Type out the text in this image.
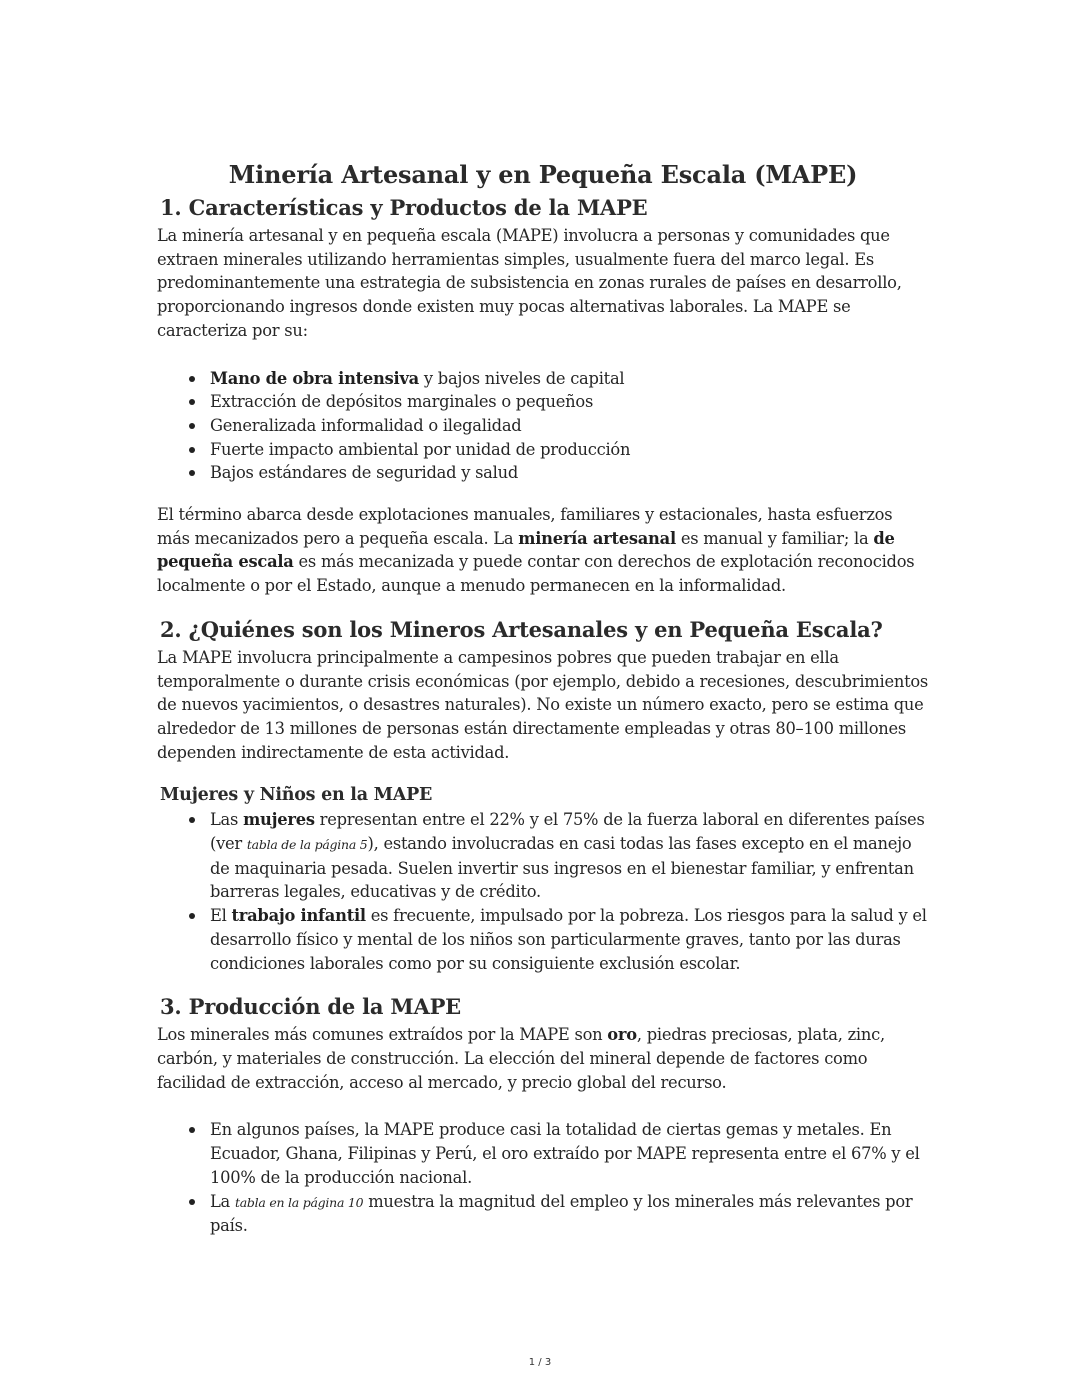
Minería Artesanal y en Pequeña Escala (MAPE)
1. Características y Productos de la MAPE

La minería artesanal y en pequeña escala (MAPE) involucra a personas y comunidades que extraen minerales utilizando herramientas simples, usualmente fuera del marco legal. Es predominantemente una estrategia de subsistencia en zonas rurales de países en desarrollo, proporcionando ingresos donde existen muy pocas alternativas laborales. La MAPE se caracteriza por su:

Mano de obra intensiva y bajos niveles de capital
Extracción de depósitos marginales o pequeños
Generalizada informalidad o ilegalidad
Fuerte impacto ambiental por unidad de producción
Bajos estándares de seguridad y salud

El término abarca desde explotaciones manuales, familiares y estacionales, hasta esfuerzos más mecanizados pero a pequeña escala. La minería artesanal es manual y familiar; la de pequeña escala es más mecanizada y puede contar con derechos de explotación reconocidos localmente o por el Estado, aunque a menudo permanecen en la informalidad.

2. ¿Quiénes son los Mineros Artesanales y en Pequeña Escala?

La MAPE involucra principalmente a campesinos pobres que pueden trabajar en ella temporalmente o durante crisis económicas (por ejemplo, debido a recesiones, descubrimientos de nuevos yacimientos, o desastres naturales). No existe un número exacto, pero se estima que alrededor de 13 millones de personas están directamente empleadas y otras 80–100 millones dependen indirectamente de esta actividad.

Mujeres y Niños en la MAPE
Las mujeres representan entre el 22% y el 75% de la fuerza laboral en diferentes países (ver tabla de la página 5), estando involucradas en casi todas las fases excepto en el manejo de maquinaria pesada. Suelen invertir sus ingresos en el bienestar familiar, y enfrentan barreras legales, educativas y de crédito.
El trabajo infantil es frecuente, impulsado por la pobreza. Los riesgos para la salud y el desarrollo físico y mental de los niños son particularmente graves, tanto por las duras condiciones laborales como por su consiguiente exclusión escolar.
3. Producción de la MAPE

Los minerales más comunes extraídos por la MAPE son oro, piedras preciosas, plata, zinc, carbón, y materiales de construcción. La elección del mineral depende de factores como facilidad de extracción, acceso al mercado, y precio global del recurso.

En algunos países, la MAPE produce casi la totalidad de ciertas gemas y metales. En Ecuador, Ghana, Filipinas y Perú, el oro extraído por MAPE representa entre el 67% y el 100% de la producción nacional.
La tabla en la página 10 muestra la magnitud del empleo y los minerales más relevantes por país.
1 / 3
